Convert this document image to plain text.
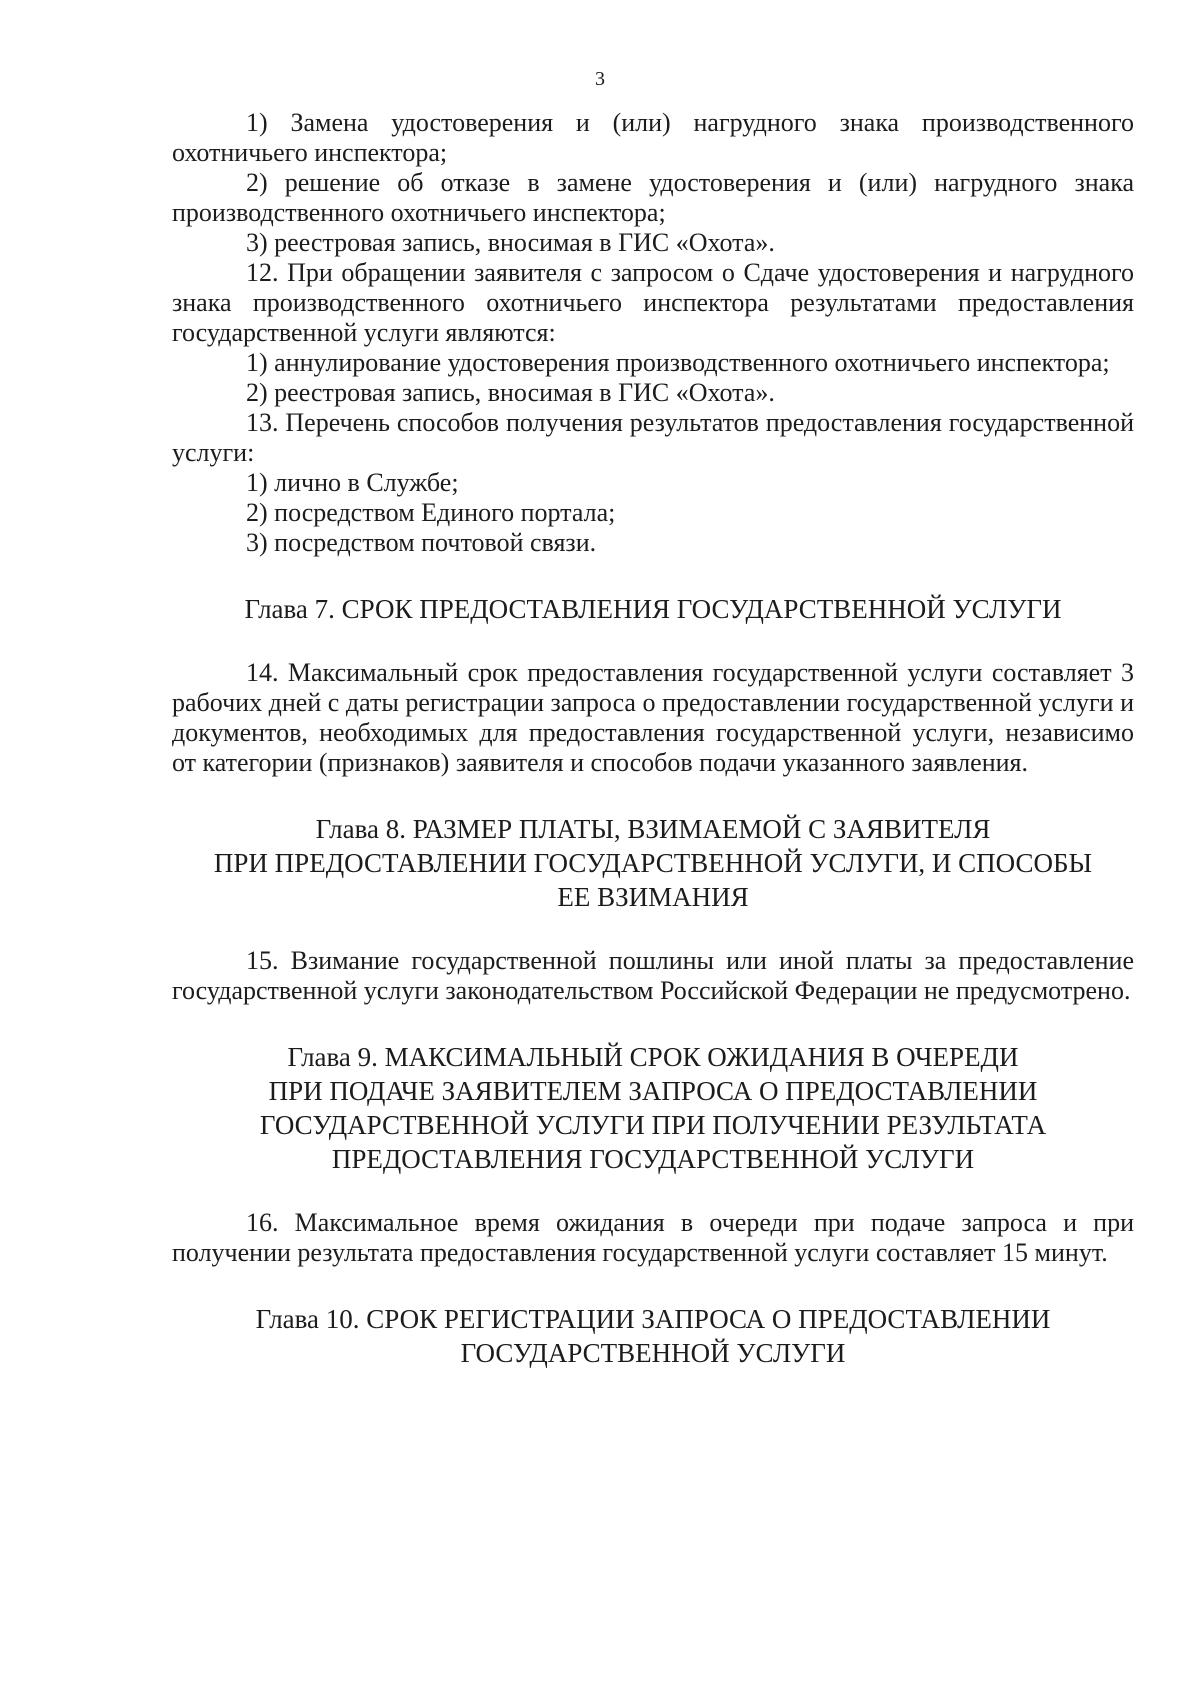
3

1) Замена удостоверения и (или) нагрудного знака производственного охотничьего инспектора;

2) решение об отказе в замене удостоверения и (или) нагрудного знака производственного охотничьего инспектора;

3) реестровая запись, вносимая в ГИС «Охота».

12. При обращении заявителя с запросом о Сдаче удостоверения и нагрудного знака производственного охотничьего инспектора результатами предоставления государственной услуги являются:

1) аннулирование удостоверения производственного охотничьего инспектора;

2) реестровая запись, вносимая в ГИС «Охота».

13. Перечень способов получения результатов предоставления государственной услуги:

1) лично в Службе;

2) посредством Единого портала;

3) посредством почтовой связи.

Глава 7. СРОК ПРЕДОСТАВЛЕНИЯ ГОСУДАРСТВЕННОЙ УСЛУГИ

14. Максимальный срок предоставления государственной услуги составляет 3 рабочих дней с даты регистрации запроса о предоставлении государственной услуги и документов, необходимых для предоставления государственной услуги, независимо от категории (признаков) заявителя и способов подачи указанного заявления.

Глава 8. РАЗМЕР ПЛАТЫ, ВЗИМАЕМОЙ С ЗАЯВИТЕЛЯ

ПРИ ПРЕДОСТАВЛЕНИИ ГОСУДАРСТВЕННОЙ УСЛУГИ, И СПОСОБЫ

ЕЕ ВЗИМАНИЯ

15. Взимание государственной пошлины или иной платы за предоставление государственной услуги законодательством Российской Федерации не предусмотрено.

Глава 9. МАКСИМАЛЬНЫЙ СРОК ОЖИДАНИЯ В ОЧЕРЕДИ

ПРИ ПОДАЧЕ ЗАЯВИТЕЛЕМ ЗАПРОСА О ПРЕДОСТАВЛЕНИИ

ГОСУДАРСТВЕННОЙ УСЛУГИ ПРИ ПОЛУЧЕНИИ РЕЗУЛЬТАТА

ПРЕДОСТАВЛЕНИЯ ГОСУДАРСТВЕННОЙ УСЛУГИ

16. Максимальное время ожидания в очереди при подаче запроса и при получении результата предоставления государственной услуги составляет 15 минут.

Глава 10. СРОК РЕГИСТРАЦИИ ЗАПРОСА О ПРЕДОСТАВЛЕНИИ

ГОСУДАРСТВЕННОЙ УСЛУГИ
